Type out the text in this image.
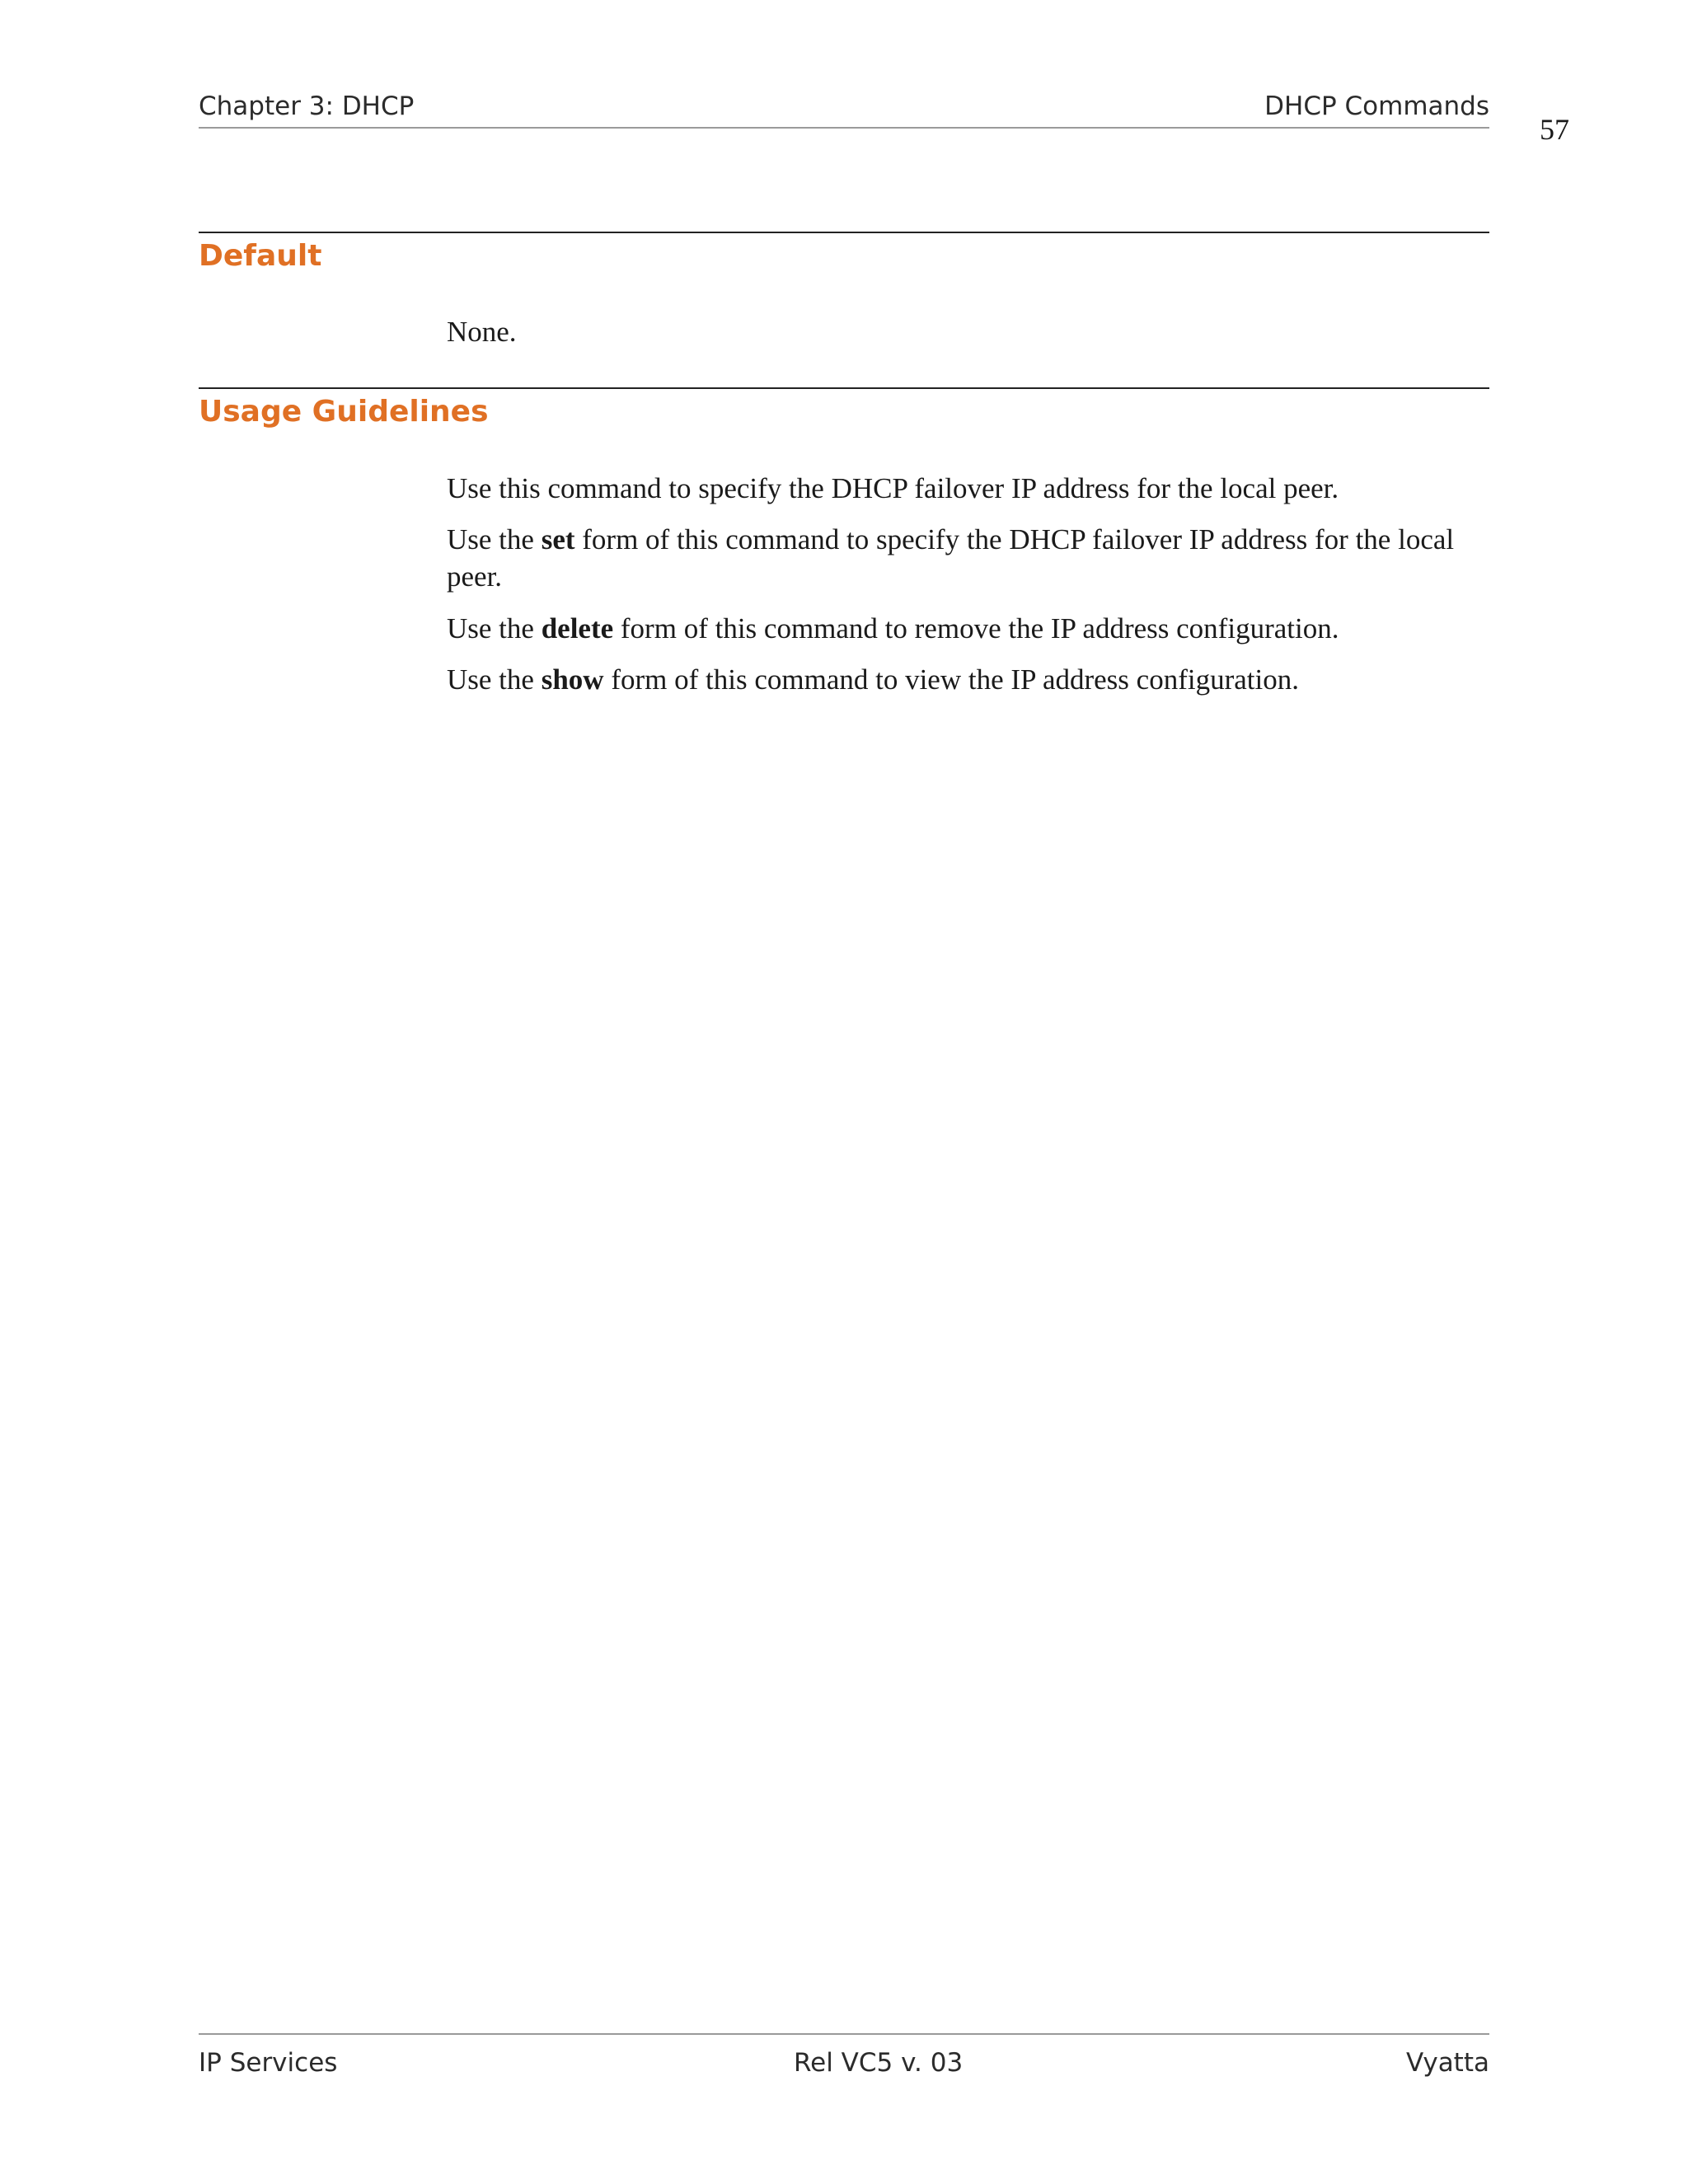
Chapter 3: DHCP	DHCP Commands
57
Default
None.
Usage Guidelines
Use this command to specify the DHCP failover IP address for the local peer.
Use the set form of this command to specify the DHCP failover IP address for the local peer.
Use the delete form of this command to remove the IP address configuration.
Use the show form of this command to view the IP address configuration.
IP Services	Rel VC5 v. 03	Vyatta
